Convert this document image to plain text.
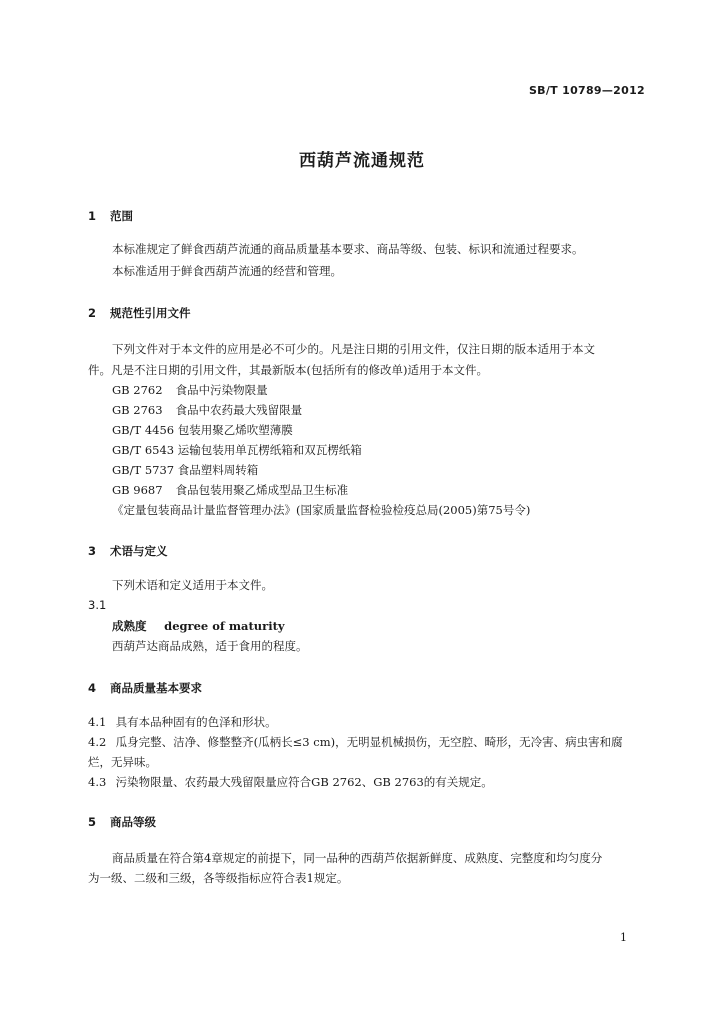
SB/T 10789—2012
西葫芦流通规范
1 范围
本标准规定了鲜食西葫芦流通的商品质量基本要求、商品等级、包装、标识和流通过程要求。
本标准适用于鲜食西葫芦流通的经营和管理。
2 规范性引用文件
下列文件对于本文件的应用是必不可少的。凡是注日期的引用文件，仅注日期的版本适用于本文
件。凡是不注日期的引用文件，其最新版本(包括所有的修改单)适用于本文件。
GB 2762 食品中污染物限量
GB 2763 食品中农药最大残留限量
GB/T 4456 包装用聚乙烯吹塑薄膜
GB/T 6543 运输包装用单瓦楞纸箱和双瓦楞纸箱
GB/T 5737 食品塑料周转箱
GB 9687 食品包装用聚乙烯成型品卫生标准
《定量包装商品计量监督管理办法》(国家质量监督检验检疫总局(2005)第75号令)
3 术语与定义
下列术语和定义适用于本文件。
3.1
成熟度 degree of maturity
西葫芦达商品成熟，适于食用的程度。
4 商品质量基本要求
4.1 具有本品种固有的色泽和形状。
4.2 瓜身完整、洁净、修整整齐(瓜柄长≤3 cm)，无明显机械损伤，无空腔、畸形，无冷害、病虫害和腐
烂，无异味。
4.3 污染物限量、农药最大残留限量应符合GB 2762、GB 2763的有关规定。
5 商品等级
商品质量在符合第4章规定的前提下，同一品种的西葫芦依据新鲜度、成熟度、完整度和均匀度分
为一级、二级和三级，各等级指标应符合表1规定。
1
